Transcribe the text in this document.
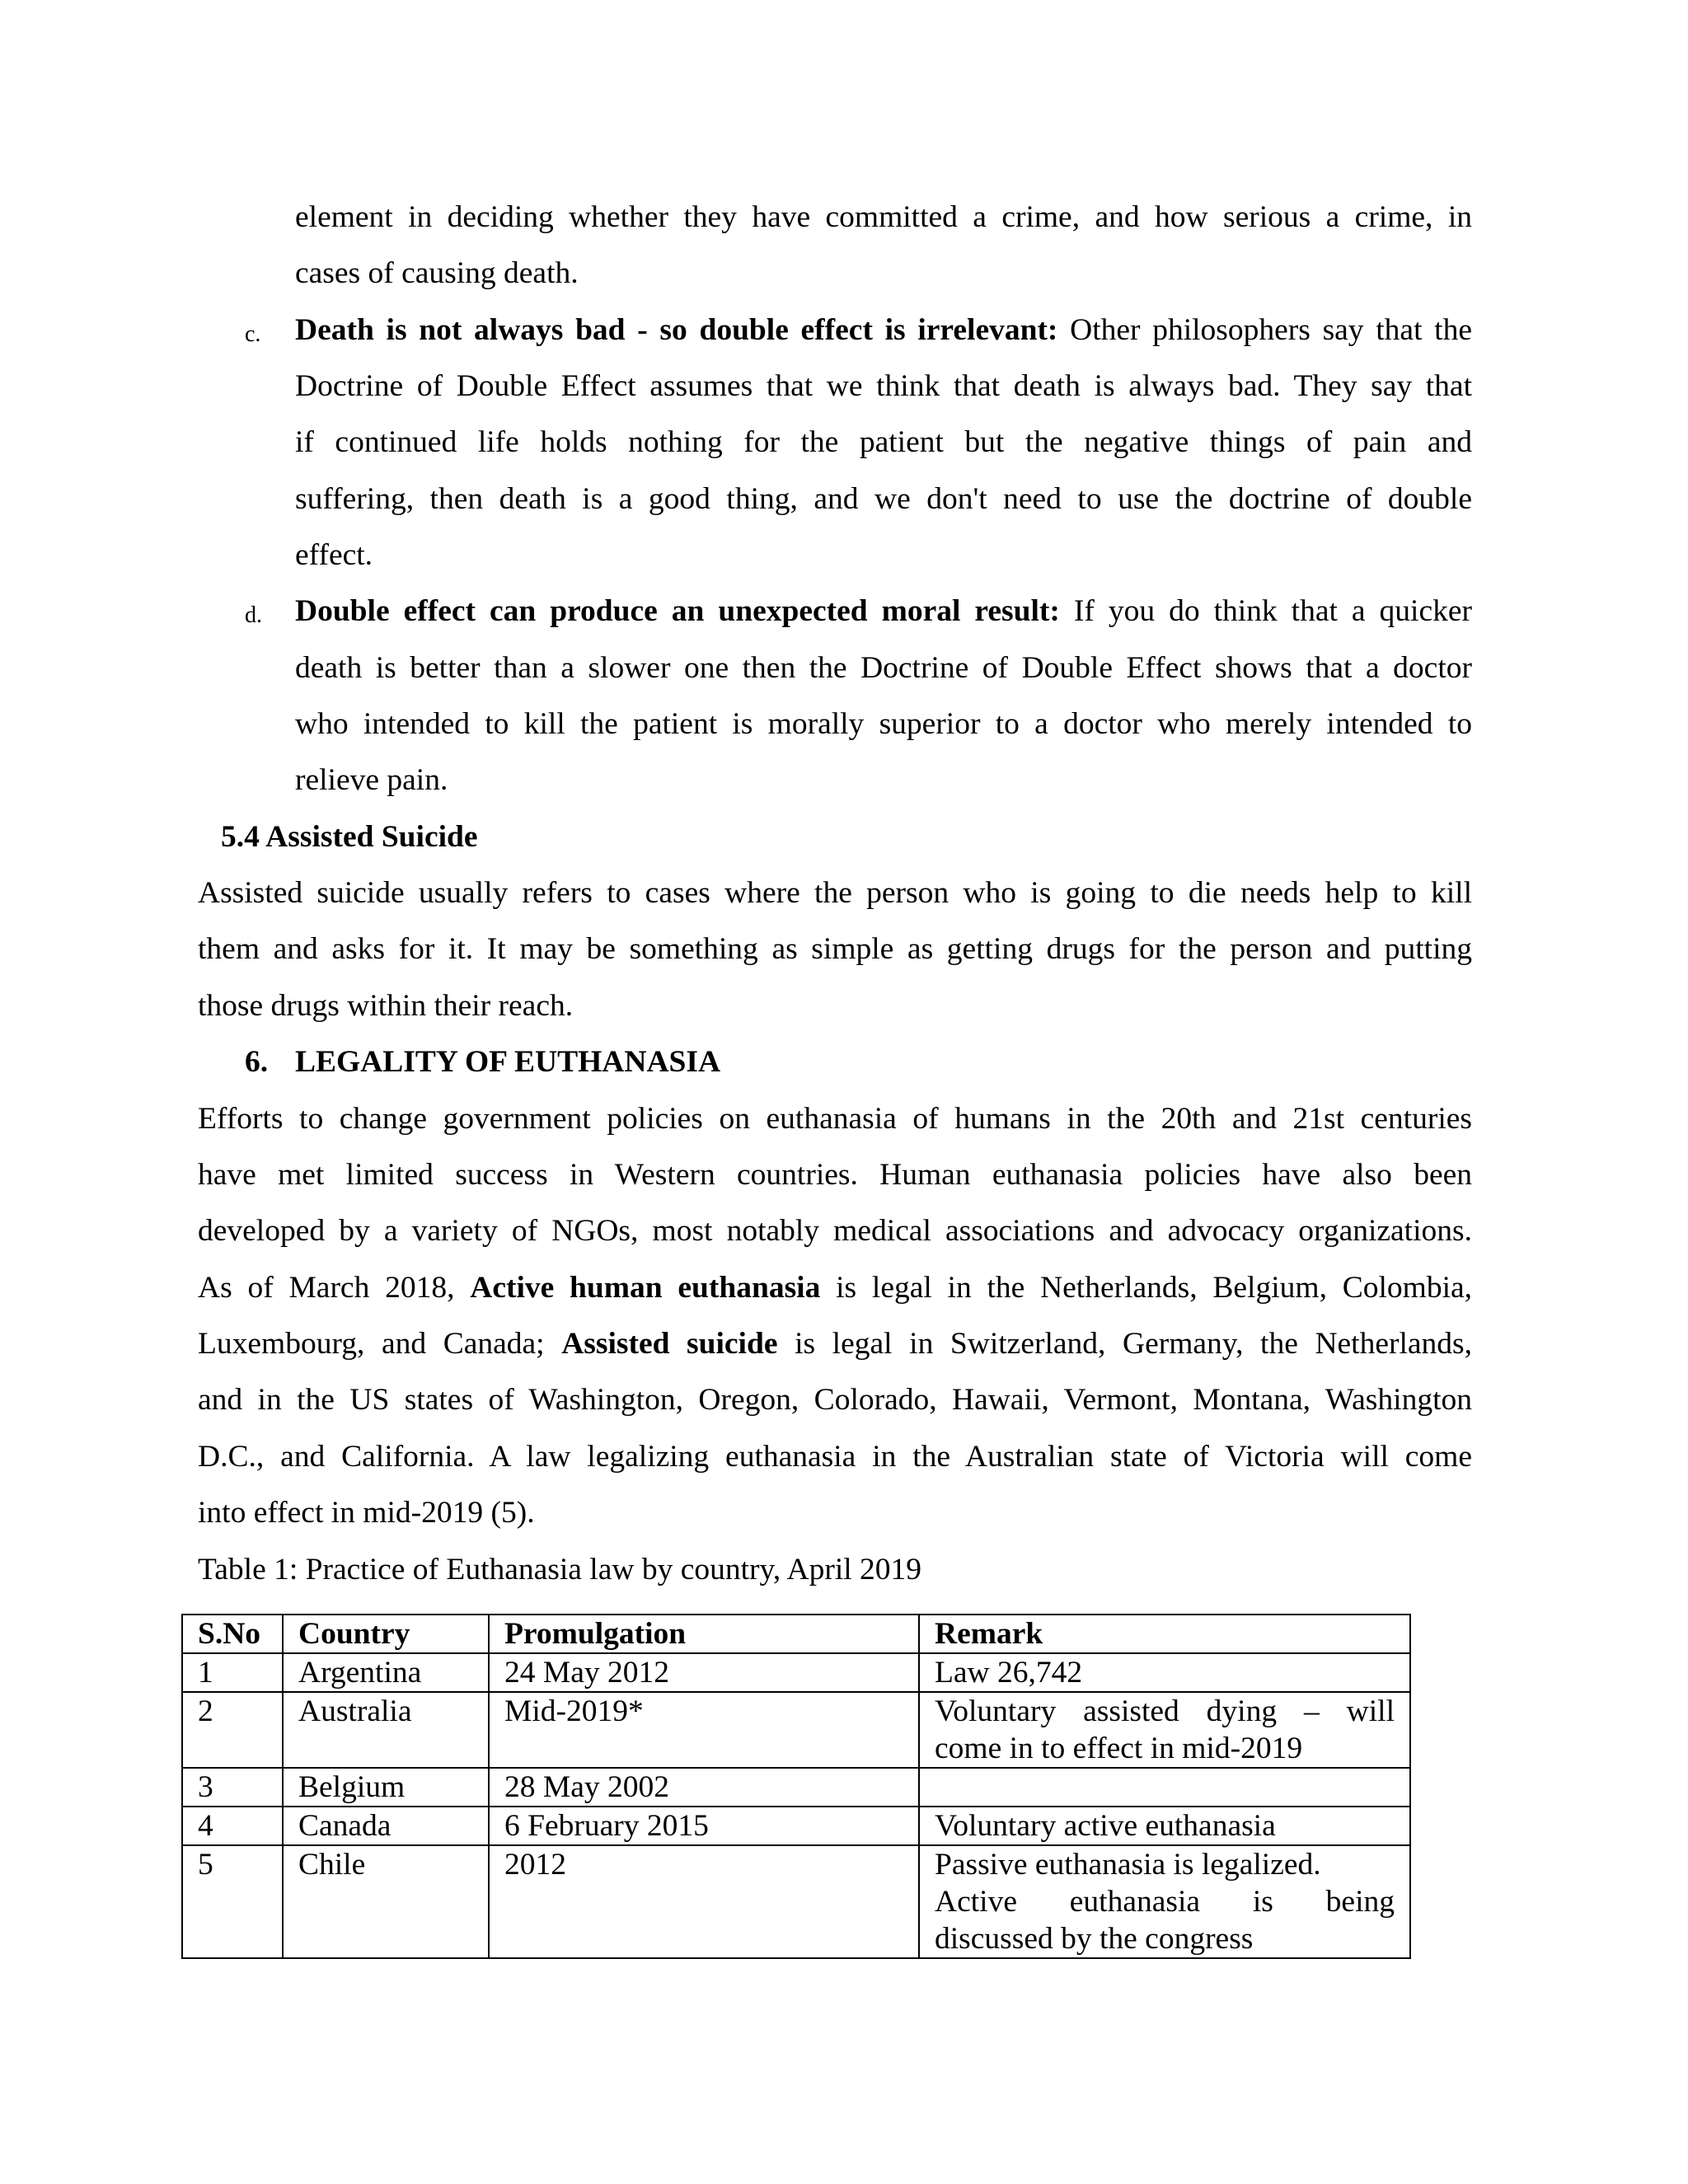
element in deciding whether they have committed a crime, and how serious a crime, in
cases of causing death.
c. Death is not always bad - so double effect is irrelevant: Other philosophers say that the
Doctrine of Double Effect assumes that we think that death is always bad. They say that
if continued life holds nothing for the patient but the negative things of pain and
suffering, then death is a good thing, and we don't need to use the doctrine of double
effect.
d. Double effect can produce an unexpected moral result: If you do think that a quicker
death is better than a slower one then the Doctrine of Double Effect shows that a doctor
who intended to kill the patient is morally superior to a doctor who merely intended to
relieve pain.
5.4 Assisted Suicide
Assisted suicide usually refers to cases where the person who is going to die needs help to kill
them and asks for it. It may be something as simple as getting drugs for the person and putting
those drugs within their reach.
6. LEGALITY OF EUTHANASIA
Efforts to change government policies on euthanasia of humans in the 20th and 21st centuries
have met limited success in Western countries. Human euthanasia policies have also been
developed by a variety of NGOs, most notably medical associations and advocacy organizations.
As of March 2018, Active human euthanasia is legal in the Netherlands, Belgium, Colombia,
Luxembourg, and Canada; Assisted suicide is legal in Switzerland, Germany, the Netherlands,
and in the US states of Washington, Oregon, Colorado, Hawaii, Vermont, Montana, Washington
D.C., and California. A law legalizing euthanasia in the Australian state of Victoria will come
into effect in mid-2019 (5).
Table 1: Practice of Euthanasia law by country, April 2019
S.No	Country	Promulgation	Remark
1	Argentina	24 May 2012	Law 26,742

2	Australia	Mid-2019*	Voluntary assisted dying – will
come in to effect in mid-2019

3	Belgium	28 May 2002	

4	Canada	6 February 2015	Voluntary active euthanasia

5	Chile	2012	Passive euthanasia is legalized.
Active euthanasia is being
discussed by the congress
